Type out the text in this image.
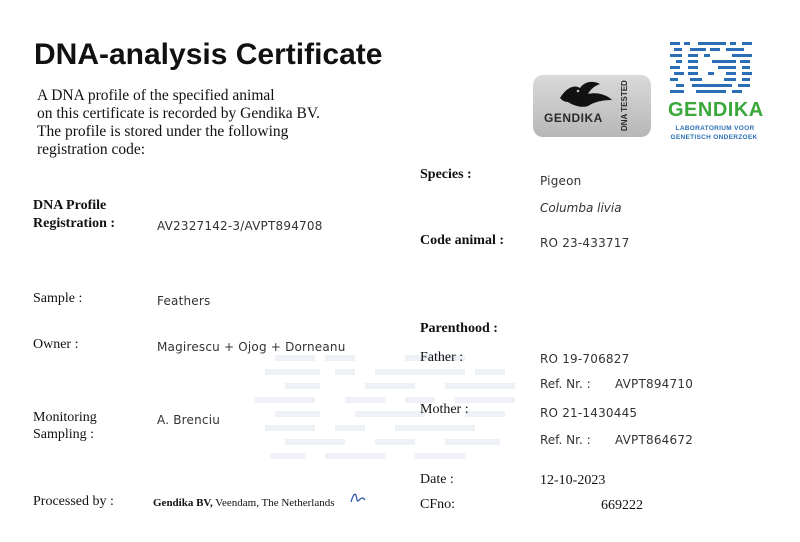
DNA-analysis Certificate
A DNA profile of the specified animal
on this certificate is recorded by Gendika BV.
The profile is stored under the following
registration code:
GENDIKA DNA TESTED GENDIKA
LABORATORIUM VOOR
GENETISCH ONDERZOEK
DNA Profile
Registration :	AV2327142-3/AVPT894708
Sample :	Feathers
Owner :	Magirescu + Ojog + Dorneanu
Monitoring
Sampling :
A. Brenciu
Processed by :	Gendika BV, Veendam, The Netherlands
Species :	Pigeon
Columba livia
Code animal :	RO 23-433717
Parenthood :
Father :	RO 19-706827
Ref. Nr. : AVPT894710
Mother :	RO 21-1430445
Ref. Nr. : AVPT864672
Date :	12-10-2023
CFno:	669222
